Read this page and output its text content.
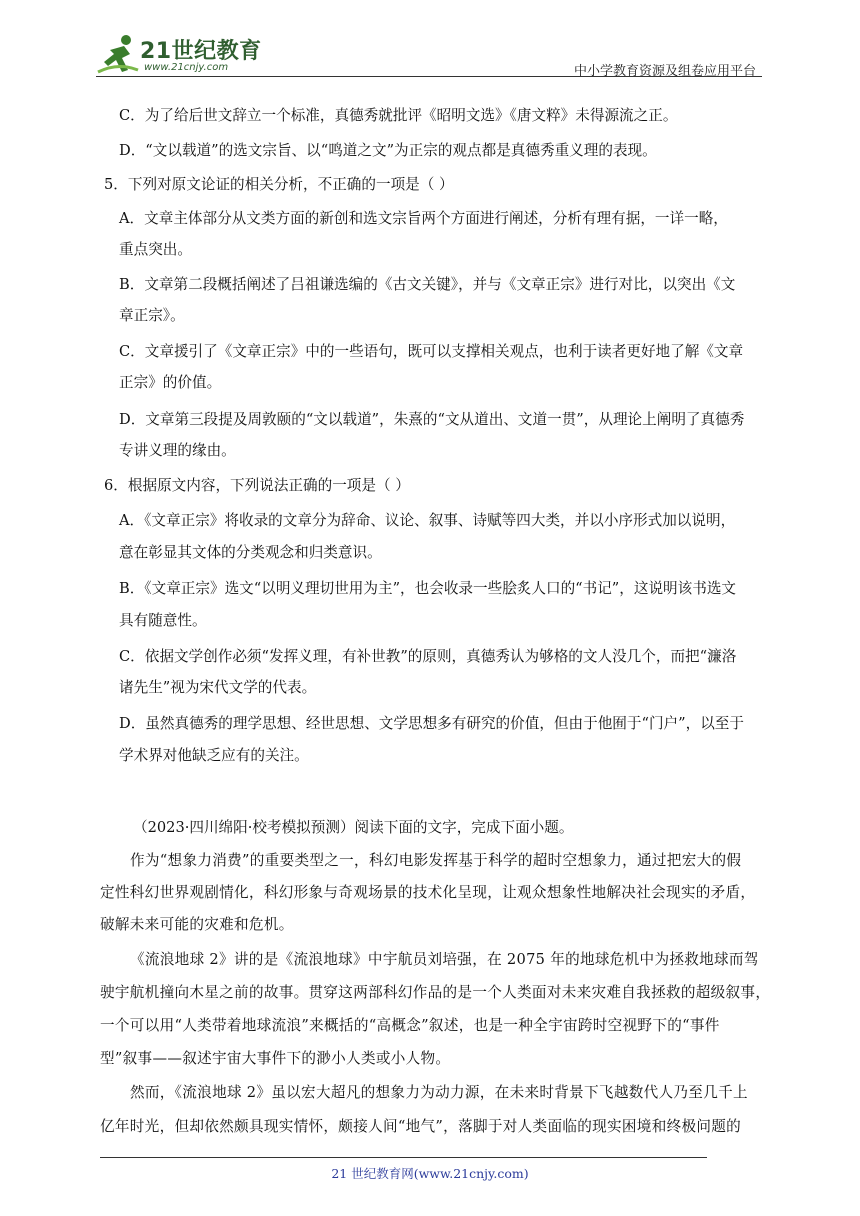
21世纪教育
www.21cnjy.com	中小学教育资源及组卷应用平台
C．为了给后世文辞立一个标准，真德秀就批评《昭明文选》《唐文粹》未得源流之正。
D．“文以载道”的选文宗旨、以“鸣道之文”为正宗的观点都是真德秀重义理的表现。
5．下列对原文论证的相关分析，不正确的一项是（ ）
A．文章主体部分从文类方面的新创和选文宗旨两个方面进行阐述，分析有理有据，一详一略，
重点突出。
B．文章第二段概括阐述了吕祖谦选编的《古文关键》，并与《文章正宗》进行对比，以突出《文
章正宗》。
C．文章援引了《文章正宗》中的一些语句，既可以支撑相关观点，也利于读者更好地了解《文章
正宗》的价值。
D．文章第三段提及周敦颐的“文以载道”，朱熹的“文从道出、文道一贯”，从理论上阐明了真德秀
专讲义理的缘由。
6．根据原文内容，下列说法正确的一项是（ ）
A．《文章正宗》将收录的文章分为辞命、议论、叙事、诗赋等四大类，并以小序形式加以说明，
意在彰显其文体的分类观念和归类意识。
B．《文章正宗》选文“以明义理切世用为主”，也会收录一些脍炙人口的“书记”，这说明该书选文
具有随意性。
C．依据文学创作必须“发挥义理，有补世教”的原则，真德秀认为够格的文人没几个，而把“濂洛
诸先生”视为宋代文学的代表。
D．虽然真德秀的理学思想、经世思想、文学思想多有研究的价值，但由于他囿于“门户”，以至于
学术界对他缺乏应有的关注。
（2023·四川绵阳·校考模拟预测）阅读下面的文字，完成下面小题。
作为“想象力消费”的重要类型之一，科幻电影发挥基于科学的超时空想象力，通过把宏大的假
定性科幻世界观剧情化，科幻形象与奇观场景的技术化呈现，让观众想象性地解决社会现实的矛盾，
破解未来可能的灾难和危机。
《流浪地球 2》讲的是《流浪地球》中宇航员刘培强，在 2075 年的地球危机中为拯救地球而驾
驶宇航机撞向木星之前的故事。贯穿这两部科幻作品的是一个人类面对未来灾难自我拯救的超级叙事，
一个可以用“人类带着地球流浪”来概括的“高概念”叙述，也是一种全宇宙跨时空视野下的“事件
型”叙事——叙述宇宙大事件下的渺小人类或小人物。
然而，《流浪地球 2》虽以宏大超凡的想象力为动力源，在未来时背景下飞越数代人乃至几千上
亿年时光，但却依然颇具现实情怀，颇接人间“地气”，落脚于对人类面临的现实困境和终极问题的
21 世纪教育网(www.21cnjy.com)
